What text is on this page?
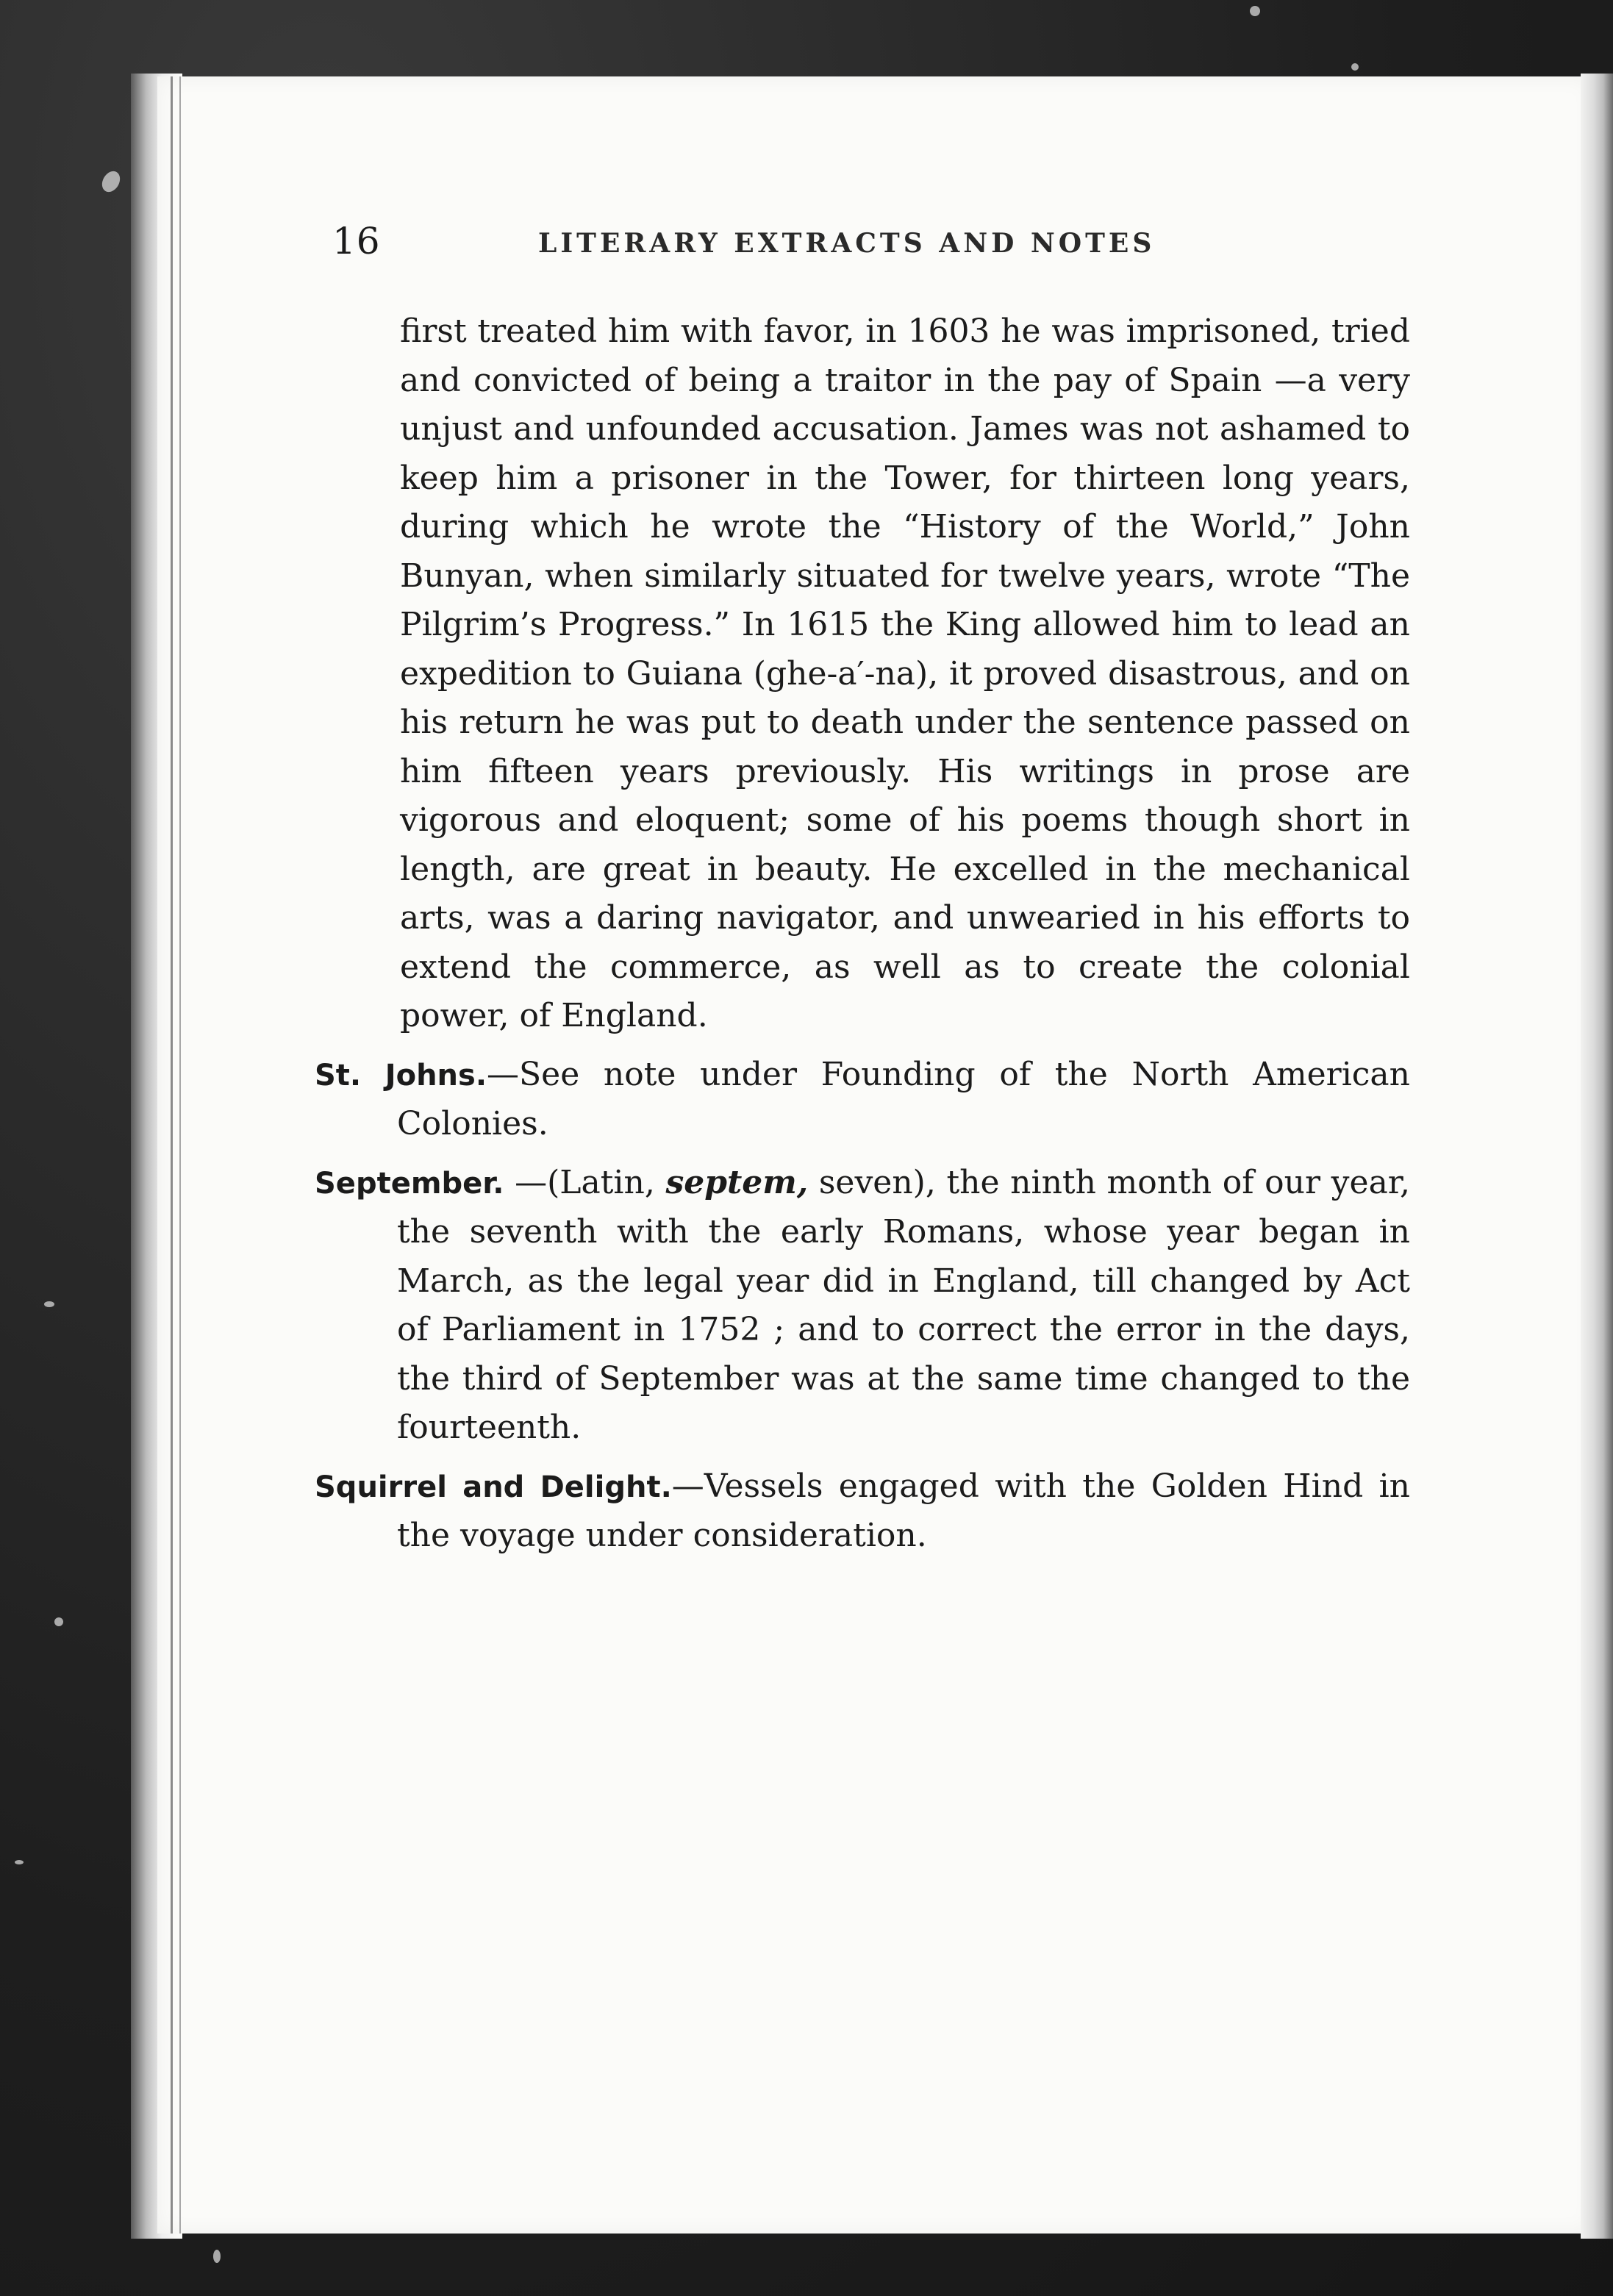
16	LITERARY EXTRACTS AND NOTES

first treated him with favor, in 1603 he was imprisoned, tried and convicted of being a traitor in the pay of Spain —a very unjust and unfounded accusation. James was not ashamed to keep him a prisoner in the Tower, for thirteen long years, during which he wrote the “History of the World,” John Bunyan, when similarly situated for twelve years, wrote “The Pilgrim’s Progress.” In 1615 the King allowed him to lead an expedition to Guiana (ghe-a′-na), it proved disastrous, and on his return he was put to death under the sentence passed on him fifteen years previously. His writings in prose are vigorous and eloquent; some of his poems though short in length, are great in beauty. He excelled in the mechanical arts, was a daring navigator, and unwearied in his efforts to extend the commerce, as well as to create the colonial power, of England.

St. Johns.—See note under Founding of the North American Colonies.

September. —(Latin, septem, seven), the ninth month of our year, the seventh with the early Romans, whose year began in March, as the legal year did in England, till changed by Act of Parliament in 1752 ; and to correct the error in the days, the third of September was at the same time changed to the fourteenth.

Squirrel and Delight.—Vessels engaged with the Golden Hind in the voyage under consideration.
